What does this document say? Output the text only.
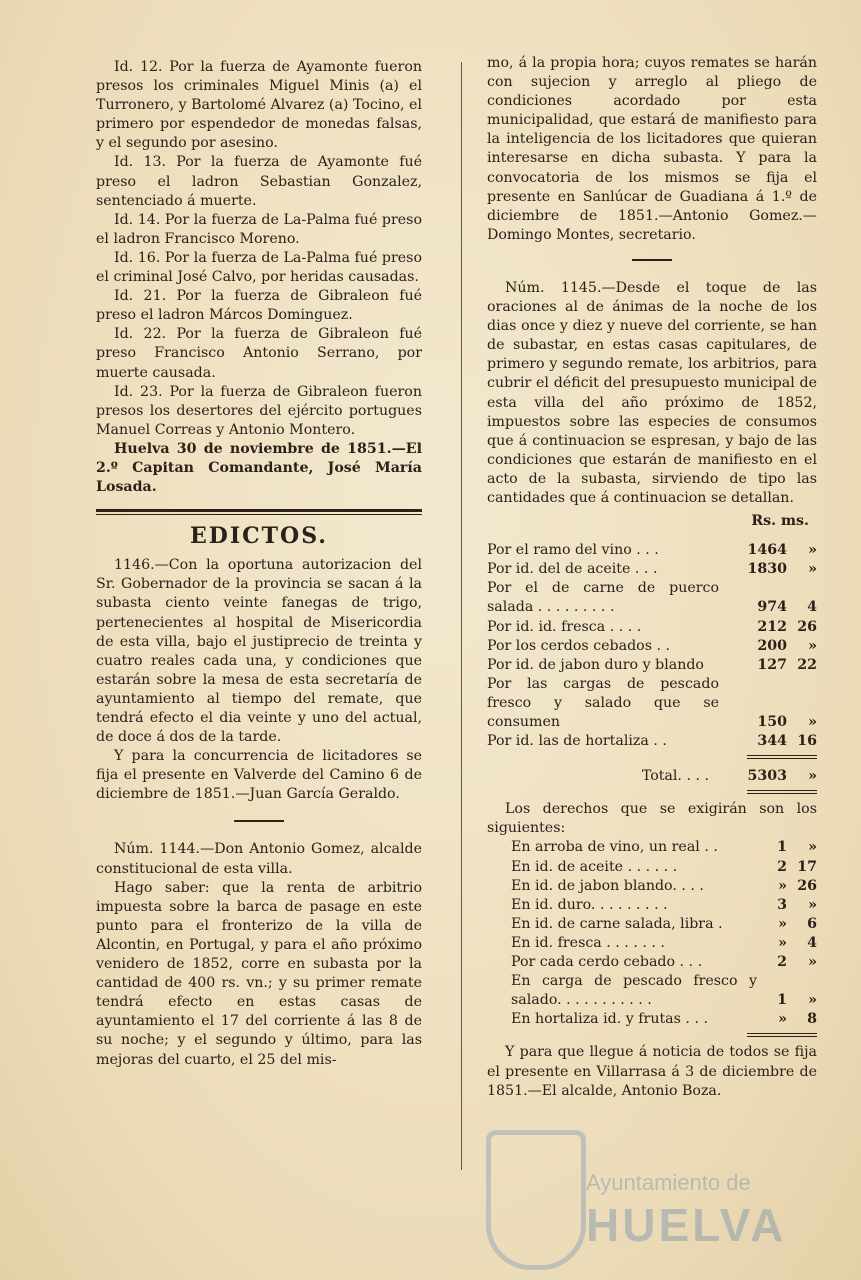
Id. 12. Por la fuerza de Ayamonte fueron presos los criminales Miguel Minis (a) el Turronero, y Bartolomé Alvarez (a) Tocino, el primero por espendedor de monedas falsas, y el segundo por asesino.

Id. 13. Por la fuerza de Ayamonte fué preso el ladron Sebastian Gonzalez, sentenciado á muerte.

Id. 14. Por la fuerza de La-Palma fué preso el ladron Francisco Moreno.

Id. 16. Por la fuerza de La-Palma fué preso el criminal José Calvo, por heridas causadas.

Id. 21. Por la fuerza de Gibraleon fué preso el ladron Márcos Dominguez.

Id. 22. Por la fuerza de Gibraleon fué preso Francisco Antonio Serrano, por muerte causada.

Id. 23. Por la fuerza de Gibraleon fueron presos los desertores del ejército portugues Manuel Correas y Antonio Montero.

Huelva 30 de noviembre de 1851.—El 2.º Capitan Comandante, José María Losada.

EDICTOS.

1146.—Con la oportuna autorizacion del Sr. Gobernador de la provincia se sacan á la subasta ciento veinte fanegas de trigo, pertenecientes al hospital de Misericordia de esta villa, bajo el justiprecio de treinta y cuatro reales cada una, y condiciones que estarán sobre la mesa de esta secretaría de ayuntamiento al tiempo del remate, que tendrá efecto el dia veinte y uno del actual, de doce á dos de la tarde.

Y para la concurrencia de licitadores se fija el presente en Valverde del Camino 6 de diciembre de 1851.—Juan García Geraldo.

Núm. 1144.—Don Antonio Gomez, alcalde constitucional de esta villa.

Hago saber: que la renta de arbitrio impuesta sobre la barca de pasage en este punto para el fronterizo de la villa de Alcontin, en Portugal, y para el año próximo venidero de 1852, corre en subasta por la cantidad de 400 rs. vn.; y su primer remate tendrá efecto en estas casas de ayuntamiento el 17 del corriente á las 8 de su noche; y el segundo y último, para las mejoras del cuarto, el 25 del mis-

mo, á la propia hora; cuyos remates se harán con sujecion y arreglo al pliego de condiciones acordado por esta municipalidad, que estará de manifiesto para la inteligencia de los licitadores que quieran interesarse en dicha subasta. Y para la convocatoria de los mismos se fija el presente en Sanlúcar de Guadiana á 1.º de diciembre de 1851.—Antonio Gomez.—Domingo Montes, secretario.

Núm. 1145.—Desde el toque de las oraciones al de ánimas de la noche de los dias once y diez y nueve del corriente, se han de subastar, en estas casas capitulares, de primero y segundo remate, los arbitrios, para cubrir el déficit del presupuesto municipal de esta villa del año próximo de 1852, impuestos sobre las especies de consumos que á continuacion se espresan, y bajo de las condiciones que estarán de manifiesto en el acto de la subasta, sirviendo de tipo las cantidades que á continuacion se detallan.

Rs. ms.
Por el ramo del vino . . .	1464	»
Por id. del de aceite . . .	1830	»
Por el de carne de puerco salada . . . . . . . . .	974	4
Por id. id. fresca . . . .	212 26
Por los cerdos cebados . .	200	»
Por id. de jabon duro y blando	127 22
Por las cargas de pescado fresco y salado que se consumen	150	»
Por id. las de hortaliza . .	344 16
Total. . . .	5303	»

Los derechos que se exigirán son los siguientes:

En arroba de vino, un real . .	1	»
En id. de aceite . . . . . .	2 17
En id. de jabon blando. . . .	» 26
En id. duro. . . . . . . . .	3	»
En id. de carne salada, libra .	»	6
En id. fresca . . . . . . .	»	4
Por cada cerdo cebado . . .	2	»
En carga de pescado fresco y salado. . . . . . . . . . .	1	»
En hortaliza id. y frutas . . .	»	8

Y para que llegue á noticia de todos se fija el presente en Villarrasa á 3 de diciembre de 1851.—El alcalde, Antonio Boza.

Ayuntamiento de
HUELVA
